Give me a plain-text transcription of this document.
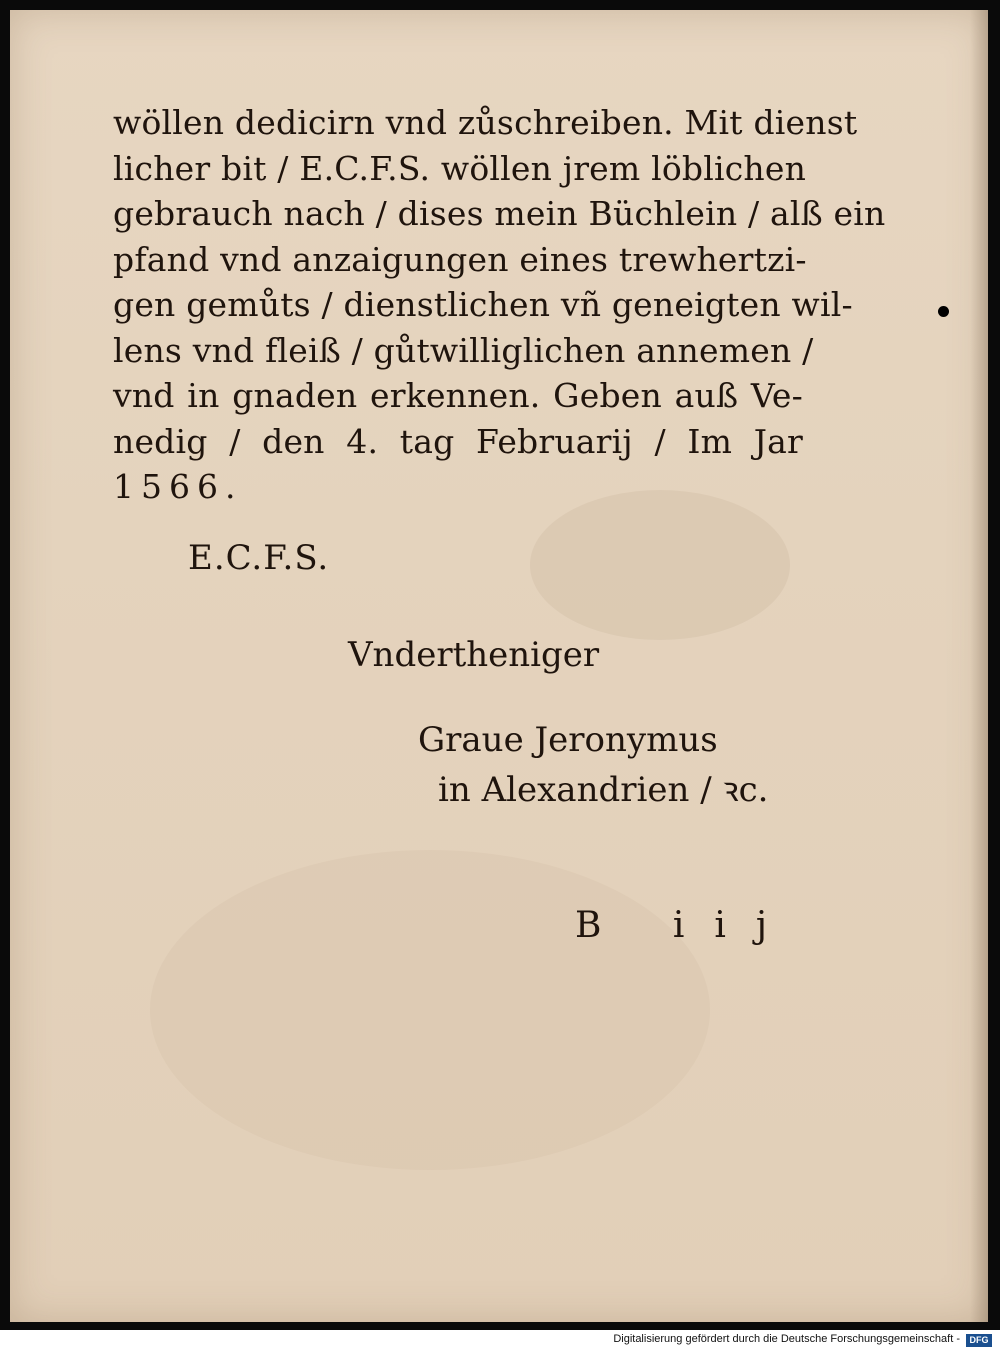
wöllen dedicirn vnd zůschreiben. Mit dienst
licher bit / E.C.F.S. wöllen jrem löblichen
gebrauch nach / dises mein Büchlein / alß ein
pfand vnd anzaigungen eines trewhertzi-
gen gemůts / dienstlichen vñ geneigten wil-
lens vnd fleiß / gůtwilliglichen annemen /
vnd in gnaden erkennen. Geben auß Ve-
nedig / den 4. tag Februarij / Im Jar
1566.
E.C.F.S.
Vndertheniger
Graue Jeronymus
in Alexandrien / ꝛc.
B iij
Digitalisierung gefördert durch die Deutsche Forschungsgemeinschaft -	DFG
